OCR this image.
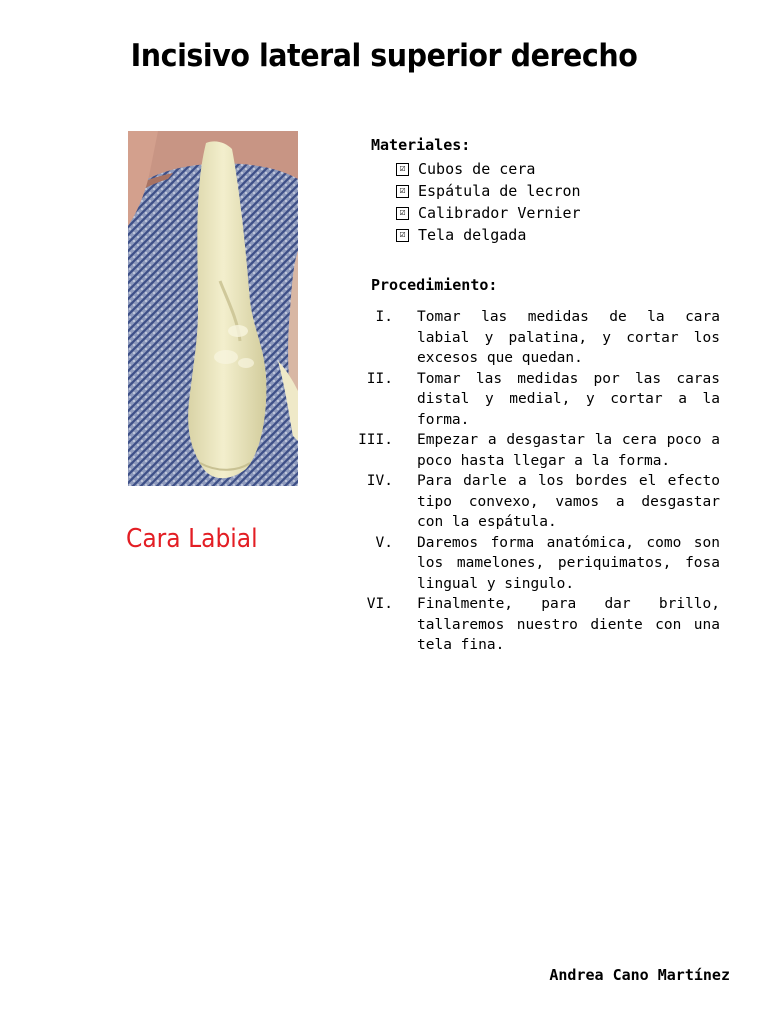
Incisivo lateral superior derecho
Cara Labial
Materiales:
☑ Cubos de cera
☑ Espátula de lecron
☑ Calibrador Vernier
☑ Tela delgada
Procedimiento:
I.	Tomar las medidas de la cara labial y palatina, y cortar los excesos que quedan.
II.	Tomar las medidas por las caras distal y medial, y cortar a la forma.
III.	Empezar a desgastar la cera poco a poco hasta llegar a la forma.
IV.	Para darle a los bordes el efecto tipo convexo, vamos a desgastar con la espátula.
V.	Daremos forma anatómica, como son los mamelones, periquimatos, fosa lingual y singulo.
VI.	Finalmente, para dar brillo, tallaremos nuestro diente con una tela fina.
Andrea Cano Martínez
